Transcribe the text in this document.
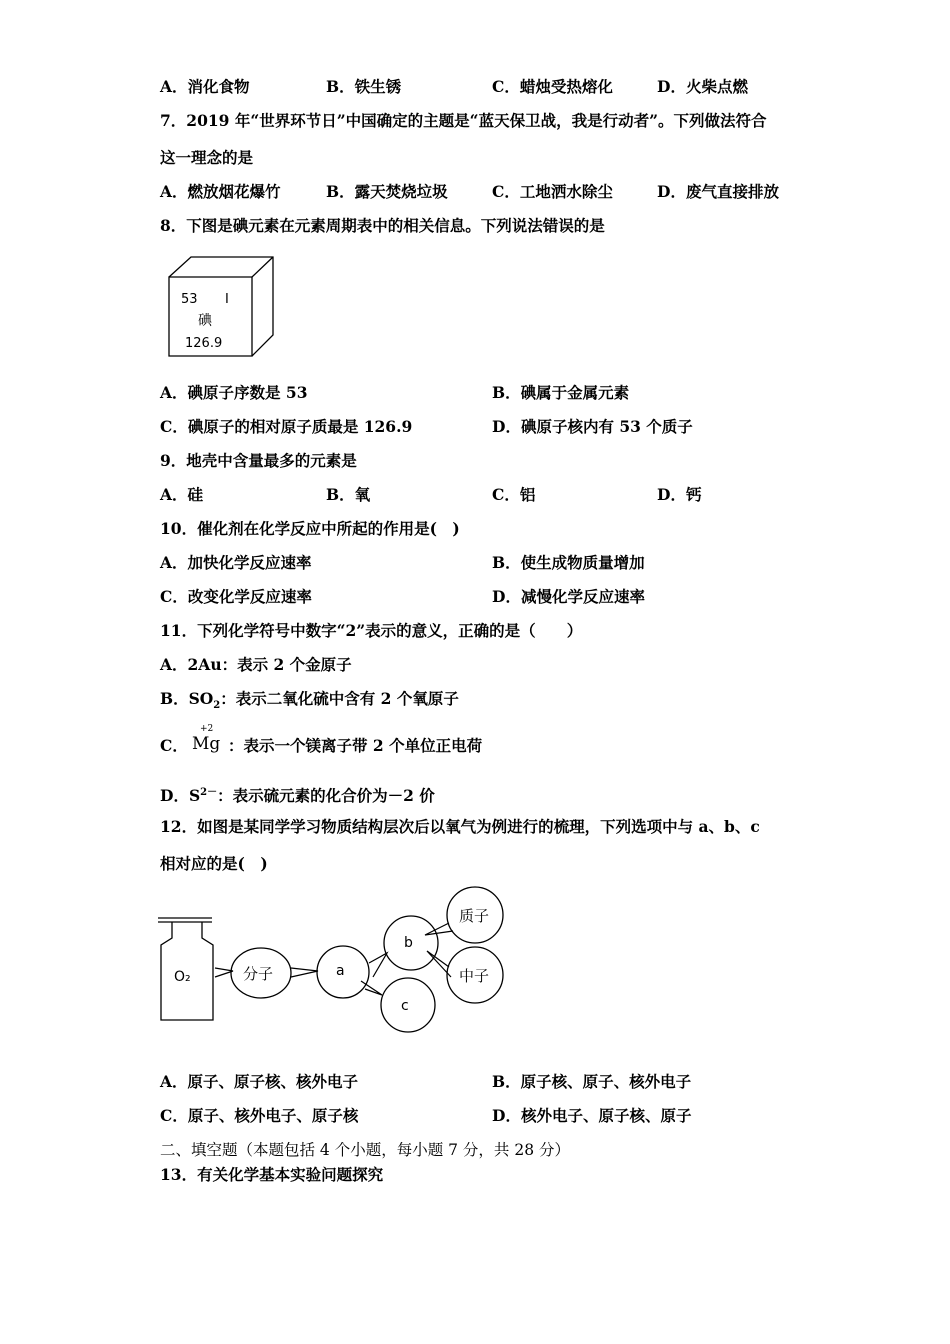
A．消化食物	B．铁生锈	C．蜡烛受热熔化	D．火柴点燃
7．2019 年“世界环节日”中国确定的主题是“蓝天保卫战，我是行动者”。下列做法符合
这一理念的是
A．燃放烟花爆竹	B．露天焚烧垃圾	C．工地洒水除尘	D．废气直接排放
8．下图是碘元素在元素周期表中的相关信息。下列说法错误的是
53 I
碘
126.9
A．碘原子序数是 53	B．碘属于金属元素
C．碘原子的相对原子质最是 126.9	D．碘原子核内有 53 个质子
9．地壳中含量最多的元素是
A．硅	B．氧	C．铝	D．钙
10．催化剂在化学反应中所起的作用是(　)
A．加快化学反应速率	B．使生成物质量增加
C．改变化学反应速率	D．减慢化学反应速率
11．下列化学符号中数字“2”表示的意义，正确的是（　　）
A．2Au：表示 2 个金原子
B．$SO_2$：表示二氧化硫中含有 2 个氧原子
C．
+2
Mg ：表示一个镁离子带 2 个单位正电荷
D．$S^{2-}$：表示硫元素的化合价为－2 价
12．如图是某同学学习物质结构层次后以氧气为例进行的梳理，下列选项中与 a、b、c
相对应的是(　)
O₂	分子	a
b
c
质子
中子
A．原子、原子核、核外电子	B．原子核、原子、核外电子
C．原子、核外电子、原子核	D．核外电子、原子核、原子
二、填空题（本题包括 4 个小题，每小题 7 分，共 28 分）
13．有关化学基本实验问题探究
